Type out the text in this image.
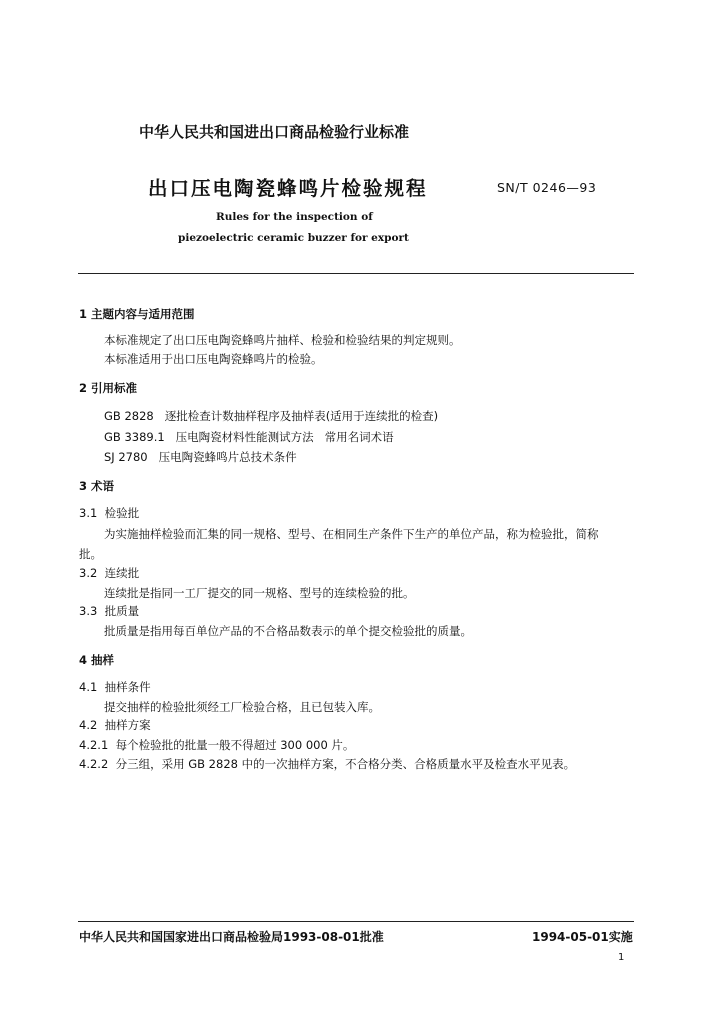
中华人民共和国进出口商品检验行业标准
出口压电陶瓷蜂鸣片检验规程	SN/T 0246—93
Rules for the inspection of
piezoelectric ceramic buzzer for export
1 主题内容与适用范围
本标准规定了出口压电陶瓷蜂鸣片抽样、检验和检验结果的判定规则。
本标准适用于出口压电陶瓷蜂鸣片的检验。
2 引用标准
GB 2828   逐批检查计数抽样程序及抽样表(适用于连续批的检查)
GB 3389.1   压电陶瓷材料性能测试方法   常用名词术语
SJ 2780   压电陶瓷蜂鸣片总技术条件
3 术语
3.1  检验批
为实施抽样检验而汇集的同一规格、型号、在相同生产条件下生产的单位产品，称为检验批，简称
批。
3.2  连续批
连续批是指同一工厂提交的同一规格、型号的连续检验的批。
3.3  批质量
批质量是指用每百单位产品的不合格品数表示的单个提交检验批的质量。
4 抽样
4.1  抽样条件
提交抽样的检验批须经工厂检验合格，且已包装入库。
4.2  抽样方案
4.2.1  每个检验批的批量一般不得超过 300 000 片。
4.2.2  分三组，采用 GB 2828 中的一次抽样方案，不合格分类、合格质量水平及检查水平见表。
中华人民共和国国家进出口商品检验局1993-08-01批准	1994-05-01实施
1
